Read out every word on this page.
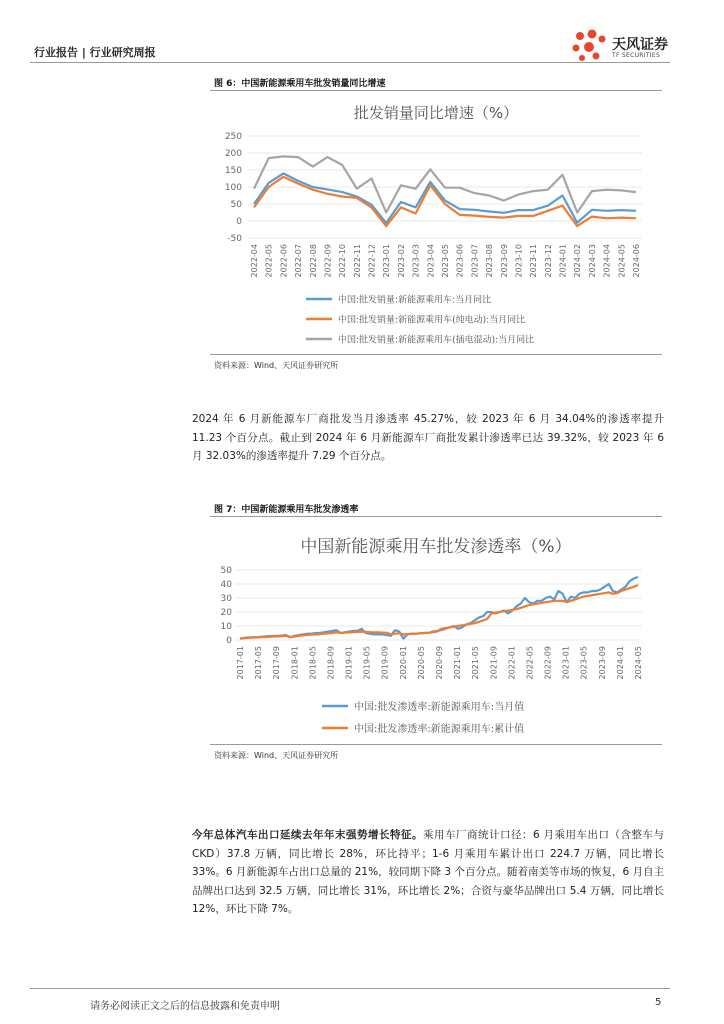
行业报告 | 行业研究周报	天风证券
TF SECURITIES
图 6：中国新能源乘用车批发销量同比增速
批发销量同比增速（%）
-50
0
50
100
150
200
250
2022-04 2022-05 2022-06 2022-07 2022-08 2022-09 2022-10 2022-11 2022-12 2023-01 2023-02 2023-03 2023-04 2023-05 2023-06 2023-07 2023-08 2023-09 2023-10 2023-11 2023-12 2024-01 2024-02 2024-03 2024-04 2024-05 2024-06
中国:批发销量:新能源乘用车:当月同比
中国:批发销量:新能源乘用车(纯电动):当月同比
中国:批发销量:新能源乘用车(插电混动):当月同比
资料来源：Wind、天风证券研究所
2024 年 6 月新能源车厂商批发当月渗透率 45.27%，较 2023 年 6 月 34.04%的渗透率提升 11.23 个百分点。截止到 2024 年 6 月新能源车厂商批发累计渗透率已达 39.32%，较 2023 年 6 月 32.03%的渗透率提升 7.29 个百分点。
图 7：中国新能源乘用车批发渗透率
中国新能源乘用车批发渗透率（%）
0
10
20
30
40
50
2017-01 2017-05 2017-09 2018-01 2018-05 2018-09 2019-01 2019-05 2019-09 2020-01 2020-05 2020-09 2021-01 2021-05 2021-09 2022-01 2022-05 2022-09 2023-01 2023-05 2023-09 2024-01 2024-05
中国:批发渗透率:新能源乘用车:当月值
中国:批发渗透率:新能源乘用车:累计值
资料来源：Wind、天风证券研究所
今年总体汽车出口延续去年年末强势增长特征。乘用车厂商统计口径：6 月乘用车出口（含整车与 CKD）37.8 万辆，同比增长 28%，环比持平；1-6 月乘用车累计出口 224.7 万辆，同比增长 33%。6 月新能源车占出口总量的 21%，较同期下降 3 个百分点。随着南美等市场的恢复，6 月自主品牌出口达到 32.5 万辆，同比增长 31%，环比增长 2%；合资与豪华品牌出口 5.4 万辆，同比增长 12%，环比下降 7%。
请务必阅读正文之后的信息披露和免责申明	5
